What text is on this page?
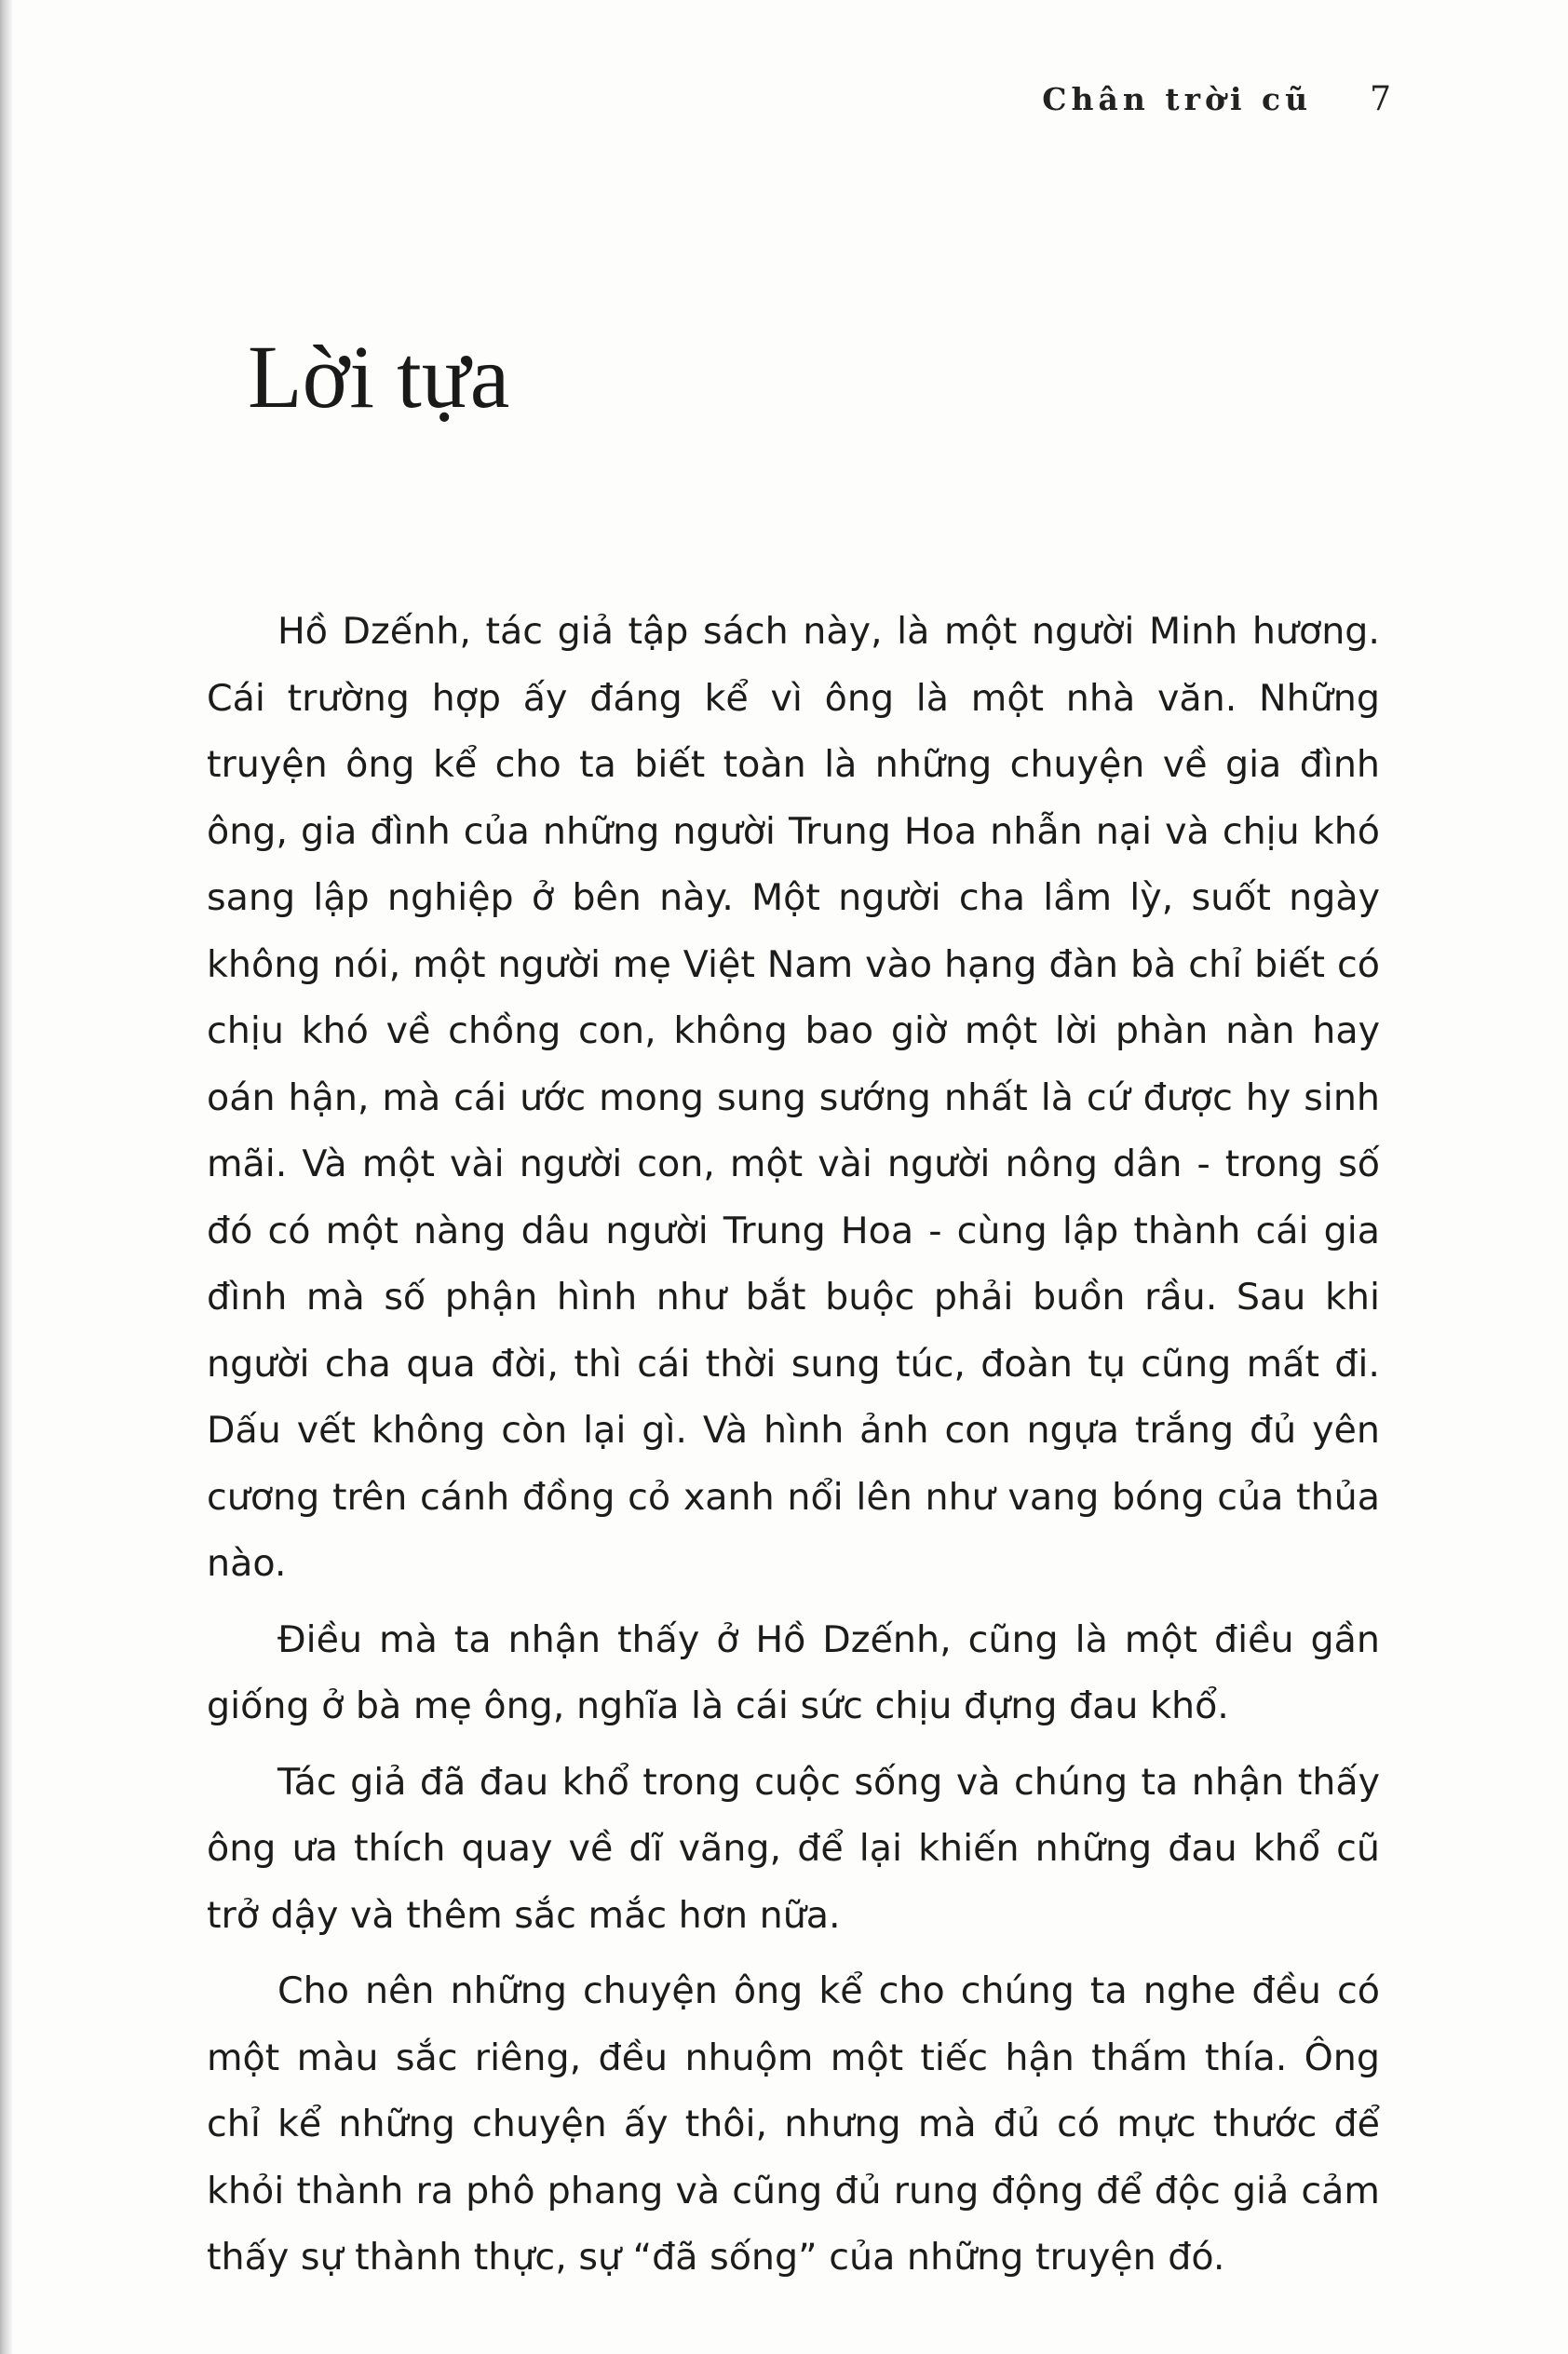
Chân trời cũ 7
Lời tựa

Hồ Dzếnh, tác giả tập sách này, là một người Minh hương. Cái trường hợp ấy đáng kể vì ông là một nhà văn. Những truyện ông kể cho ta biết toàn là những chuyện về gia đình ông, gia đình của những người Trung Hoa nhẫn nại và chịu khó sang lập nghiệp ở bên này. Một người cha lầm lỳ, suốt ngày không nói, một người mẹ Việt Nam vào hạng đàn bà chỉ biết có chịu khó về chồng con, không bao giờ một lời phàn nàn hay oán hận, mà cái ước mong sung sướng nhất là cứ được hy sinh mãi. Và một vài người con, một vài người nông dân - trong số đó có một nàng dâu người Trung Hoa - cùng lập thành cái gia đình mà số phận hình như bắt buộc phải buồn rầu. Sau khi người cha qua đời, thì cái thời sung túc, đoàn tụ cũng mất đi. Dấu vết không còn lại gì. Và hình ảnh con ngựa trắng đủ yên cương trên cánh đồng cỏ xanh nổi lên như vang bóng của thủa nào.

Điều mà ta nhận thấy ở Hồ Dzếnh, cũng là một điều gần giống ở bà mẹ ông, nghĩa là cái sức chịu đựng đau khổ.

Tác giả đã đau khổ trong cuộc sống và chúng ta nhận thấy ông ưa thích quay về dĩ vãng, để lại khiến những đau khổ cũ trở dậy và thêm sắc mắc hơn nữa.

Cho nên những chuyện ông kể cho chúng ta nghe đều có một màu sắc riêng, đều nhuộm một tiếc hận thấm thía. Ông chỉ kể những chuyện ấy thôi, nhưng mà đủ có mực thước để khỏi thành ra phô phang và cũng đủ rung động để độc giả cảm thấy sự thành thực, sự “đã sống” của những truyện đó.
